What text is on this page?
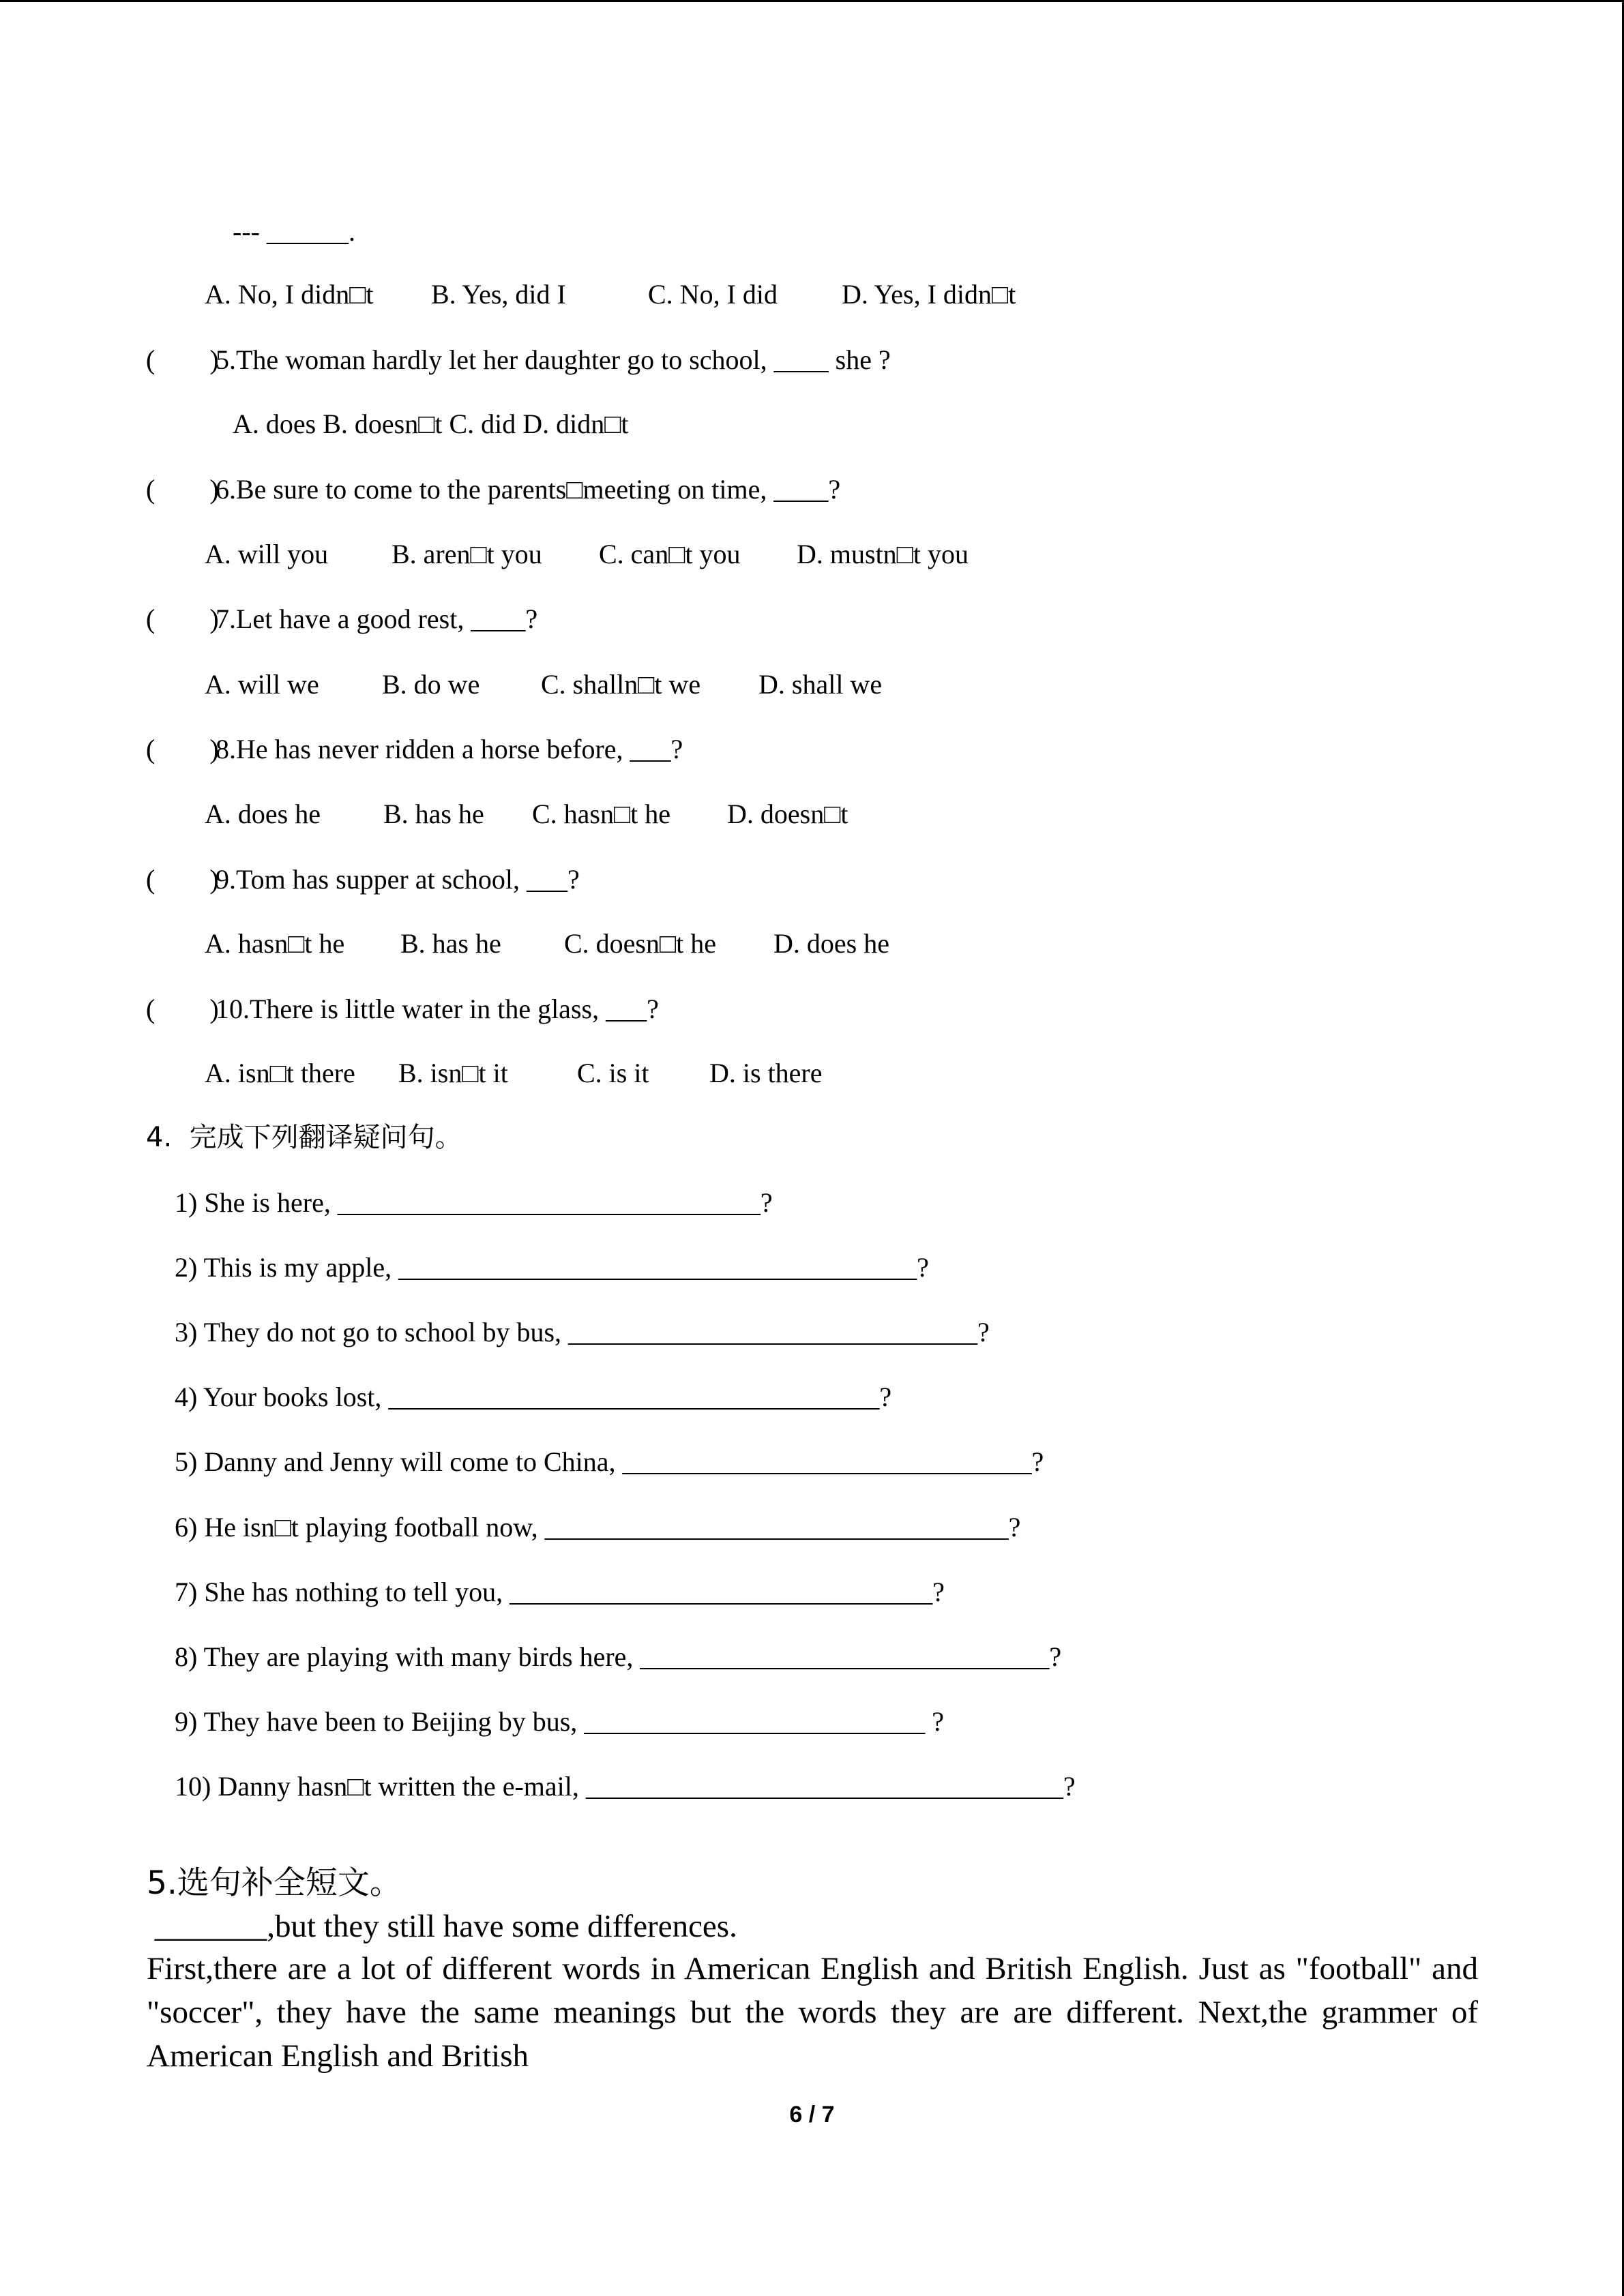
--- ______.
A. No, I didn□t B. Yes, did I	C. No, I did D. Yes, I didn□t
(        )
5.The woman hardly let her daughter go to school, ____ she ?
A. does B. doesn□t C. did D. didn□t
(        )
6.Be sure to come to the parents□meeting on time, ____?
A. will you B. aren□t you C. can□t you D. mustn□t you
(        )
7.Let have a good rest, ____?
A. will we B. do we C. shalln□t we D. shall we
(        )
8.He has never ridden a horse before, ___?
A. does he B. has he C. hasn□t he D. doesn□t
(        )
9.Tom has supper at school, ___?
A. hasn□t he B. has he C. doesn□t he D. does he
(        )
10.There is little water in the glass, ___?
A. isn□t there B. isn□t it	C. is it D. is there
4.  完成下列翻译疑问句。
1) She is here, _______________________________?
2) This is my apple, ______________________________________?
3) They do not go to school by bus, ______________________________?
4) Your books lost, ____________________________________?
5) Danny and Jenny will come to China, ______________________________?
6) He isn□t playing football now, __________________________________?
7) She has nothing to tell you, _______________________________?
8) They are playing with many birds here, ______________________________?
9) They have been to Beijing by bus, _________________________ ?
10) Danny hasn□t written the e-mail, ___________________________________?
5.选句补全短文。
_______,but they still have some differences.
First,there are a lot of different words in American English and British English. Just as "football" and "soccer", they have the same meanings but the words they are are different. Next,the grammer of American English and British
6 / 7
